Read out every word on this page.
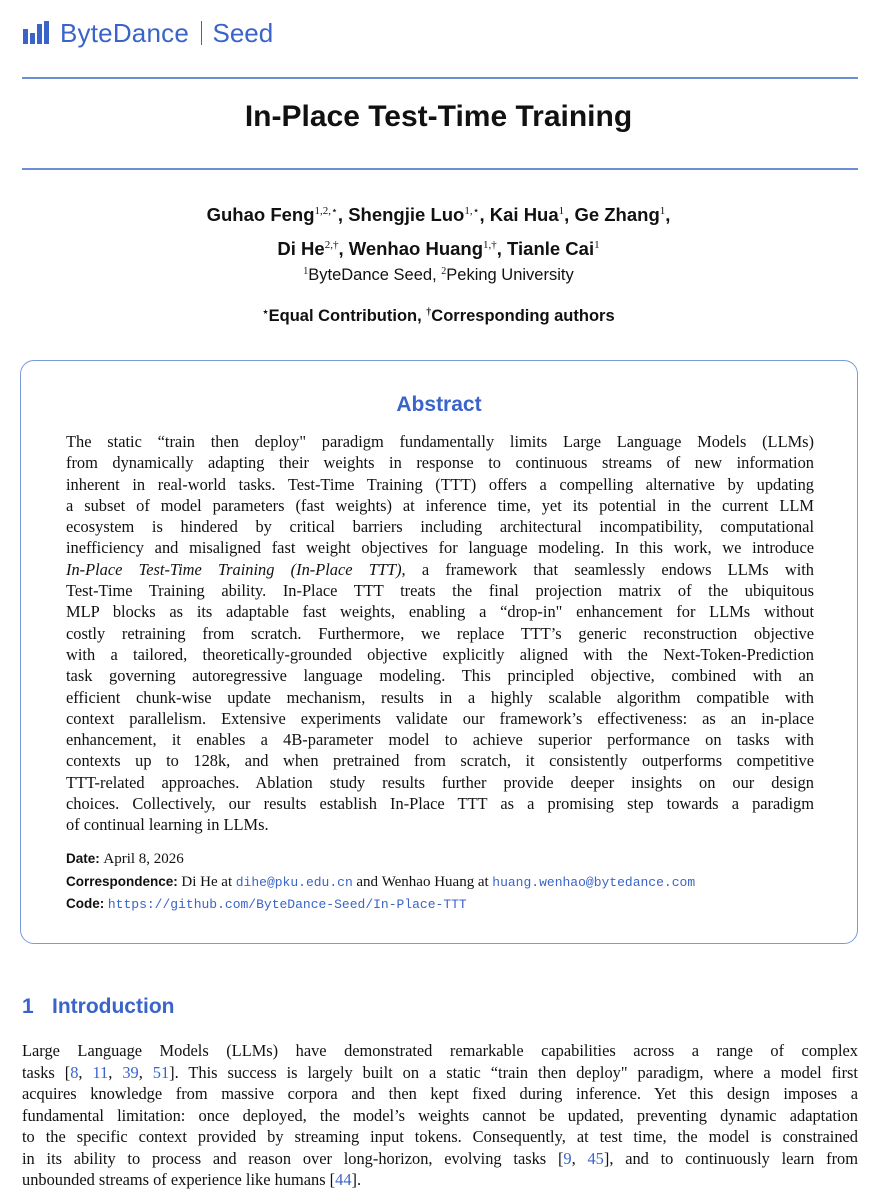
ByteDance Seed
In-Place Test-Time Training
Guhao Feng$^{1,2,⋆}$, Shengjie Luo$^{1,⋆}$, Kai Hua$^1$, Ge Zhang$^1$,
Di $He^{2,\dagger}$, Wenhao Huang$^{1,\dagger}$, Tianle Cai$^1$
$^1$ByteDance Seed, $^2$Peking University
⋆Equal Contribution, †Corresponding authors
Abstract
The static “train then deploy" paradigm fundamentally limits Large Language Models (LLMs)
from dynamically adapting their weights in response to continuous streams of new information
inherent in real-world tasks. Test-Time Training (TTT) offers a compelling alternative by updating
a subset of model parameters (fast weights) at inference time, yet its potential in the current LLM
ecosystem is hindered by critical barriers including architectural incompatibility, computational
inefficiency and misaligned fast weight objectives for language modeling. In this work, we introduce
In-Place Test-Time Training (In-Place TTT), a framework that seamlessly endows LLMs with
Test-Time Training ability. In-Place TTT treats the final projection matrix of the ubiquitous
MLP blocks as its adaptable fast weights, enabling a “drop-in" enhancement for LLMs without
costly retraining from scratch. Furthermore, we replace TTT’s generic reconstruction objective
with a tailored, theoretically-grounded objective explicitly aligned with the Next-Token-Prediction
task governing autoregressive language modeling. This principled objective, combined with an
efficient chunk-wise update mechanism, results in a highly scalable algorithm compatible with
context parallelism. Extensive experiments validate our framework’s effectiveness: as an in-place
enhancement, it enables a 4B-parameter model to achieve superior performance on tasks with
contexts up to 128k, and when pretrained from scratch, it consistently outperforms competitive
TTT-related approaches. Ablation study results further provide deeper insights on our design
choices. Collectively, our results establish In-Place TTT as a promising step towards a paradigm
of continual learning in LLMs.
Date: April 8, 2026
Correspondence: Di He at dihe@pku.edu.cn and Wenhao Huang at huang.wenhao@bytedance.com
Code: https://github.com/ByteDance-Seed/In-Place-TTT
1 Introduction
Large Language Models (LLMs) have demonstrated remarkable capabilities across a range of complex
tasks [8, 11, 39, 51]. This success is largely built on a static “train then deploy" paradigm, where a model first
acquires knowledge from massive corpora and then kept fixed during inference. Yet this design imposes a
fundamental limitation: once deployed, the model’s weights cannot be updated, preventing dynamic adaptation
to the specific context provided by streaming input tokens. Consequently, at test time, the model is constrained
in its ability to process and reason over long-horizon, evolving tasks [9, 45], and to continuously learn from
unbounded streams of experience like humans [44].
